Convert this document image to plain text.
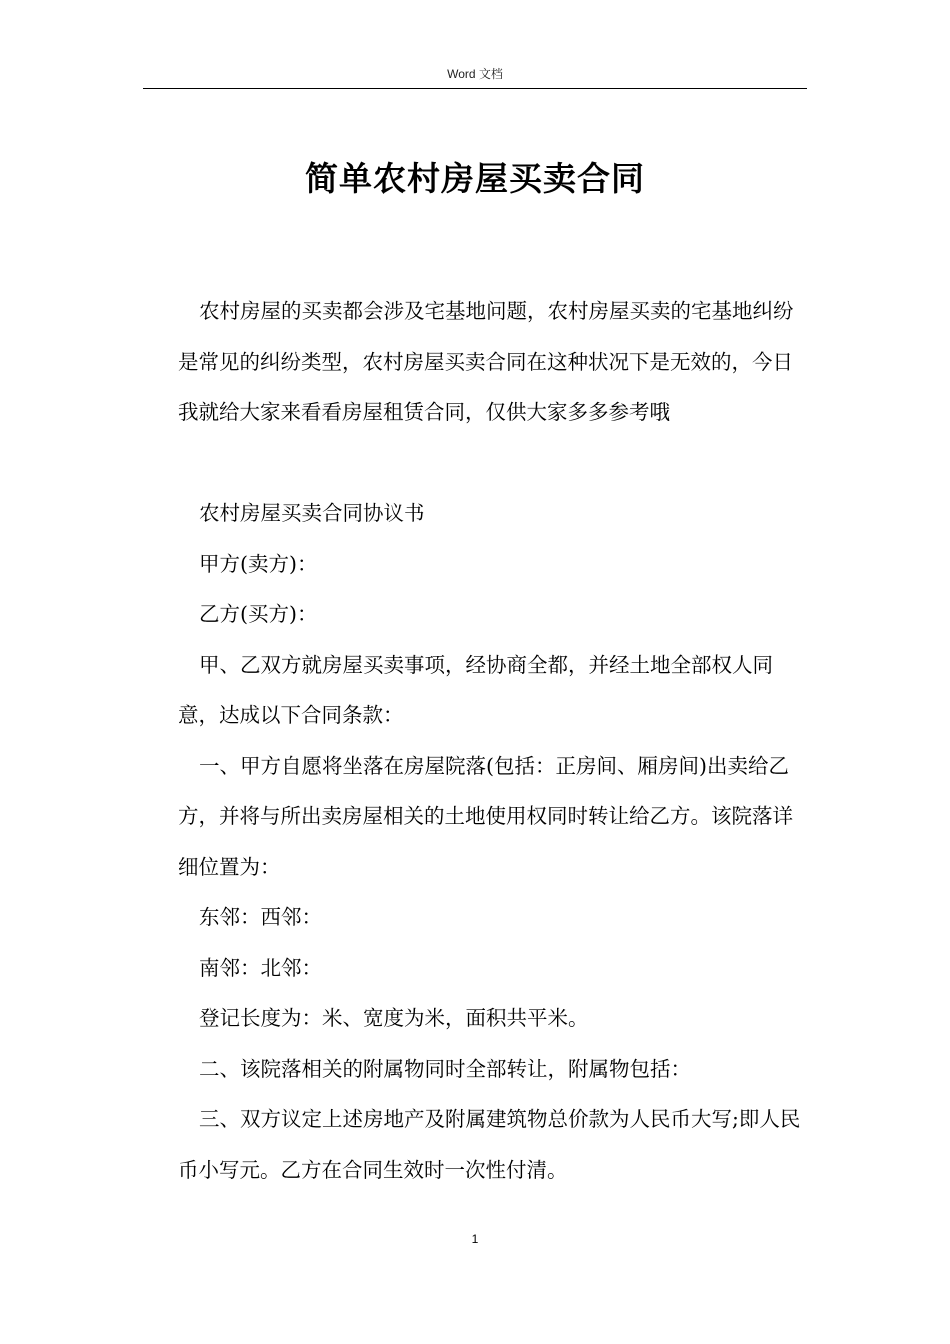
Word 文档
简单农村房屋买卖合同

农村房屋的买卖都会涉及宅基地问题，农村房屋买卖的宅基地纠纷是常见的纠纷类型，农村房屋买卖合同在这种状况下是无效的，今日我就给大家来看看房屋租赁合同，仅供大家多多参考哦

农村房屋买卖合同协议书

甲方(卖方)：

乙方(买方)：

甲、乙双方就房屋买卖事项，经协商全都，并经土地全部权人同意，达成以下合同条款：

一、甲方自愿将坐落在房屋院落(包括：正房间、厢房间)出卖给乙方，并将与所出卖房屋相关的土地使用权同时转让给乙方。该院落详细位置为：

东邻：西邻：

南邻：北邻：

登记长度为：米、宽度为米，面积共平米。

二、该院落相关的附属物同时全部转让，附属物包括：

三、双方议定上述房地产及附属建筑物总价款为人民币大写;即人民币小写元。乙方在合同生效时一次性付清。

1
